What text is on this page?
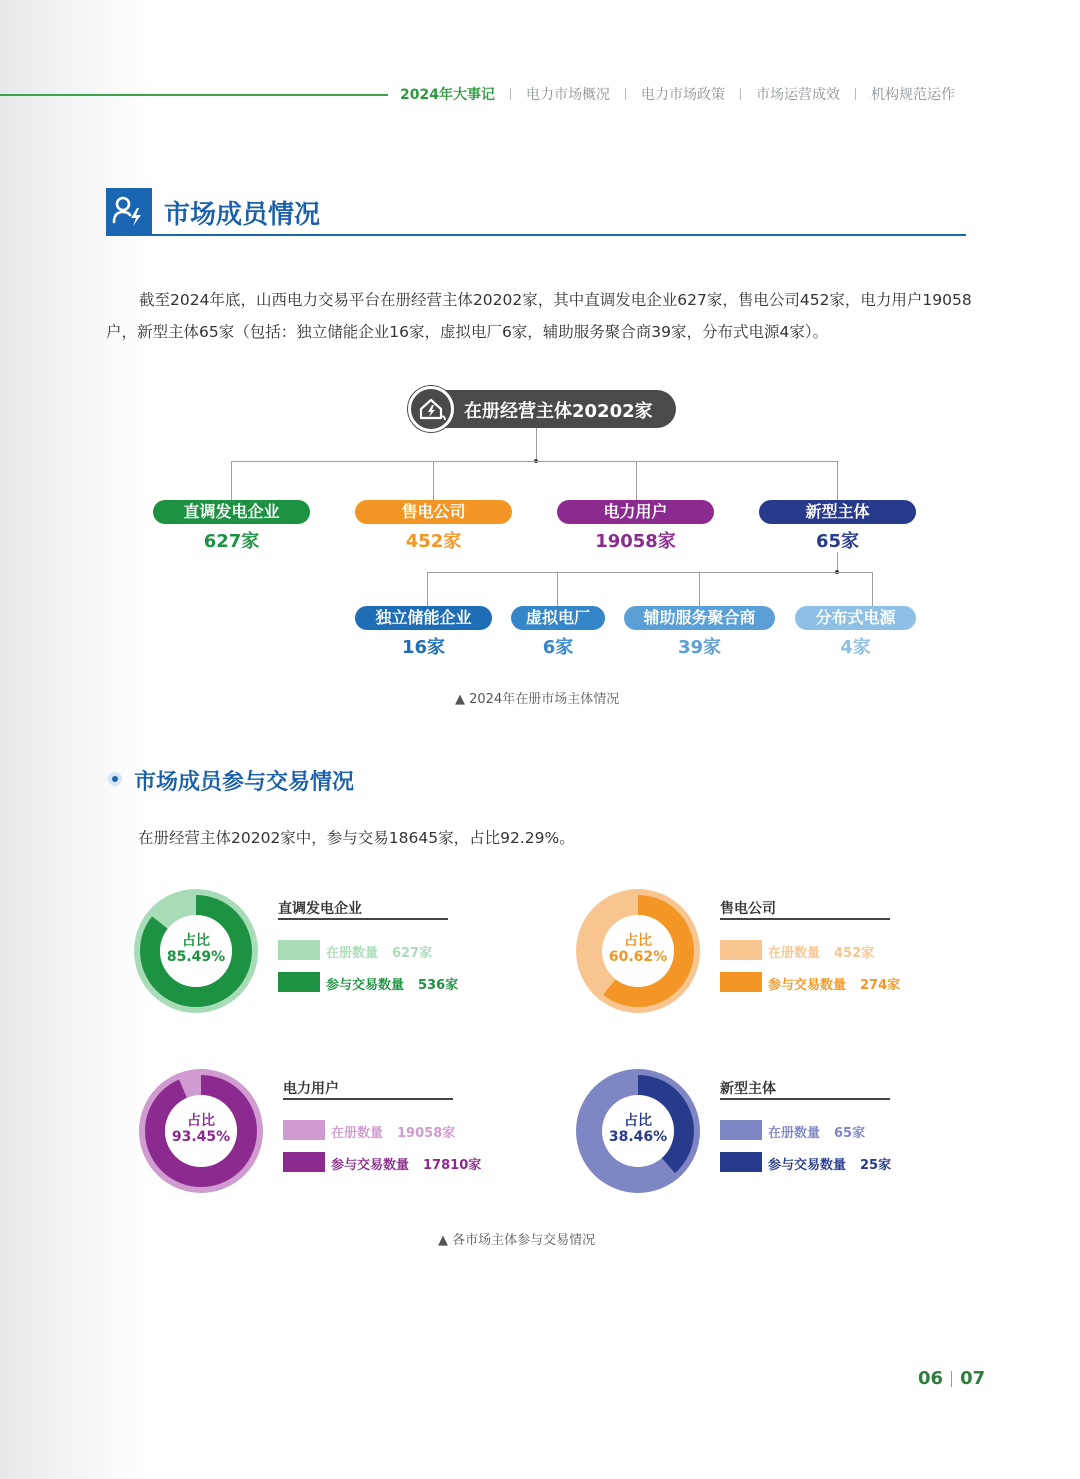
2024年大事记 电力市场概况 电力市场政策 市场运营成效 机构规范运作
市场成员情况

截至2024年底，山西电力交易平台在册经营主体20202家，其中直调发电企业627家，售电公司452家，电力用户19058户，新型主体65家（包括：独立储能企业16家，虚拟电厂6家，辅助服务聚合商39家，分布式电源4家）。

在册经营主体20202家
直调发电企业
627家
售电公司
452家
电力用户
19058家
新型主体
65家
独立储能企业
16家
虚拟电厂
6家
辅助服务聚合商
39家
分布式电源
4家
▲ 2024年在册市场主体情况
市场成员参与交易情况
在册经营主体20202家中，参与交易18645家，占比92.29%。
占比
85.49%
直调发电企业
在册数量 627家
参与交易数量 536家
占比
60.62%
售电公司
在册数量 452家
参与交易数量 274家
占比
93.45%
电力用户
在册数量 19058家
参与交易数量 17810家
占比
38.46%
新型主体
在册数量 65家
参与交易数量 25家
▲ 各市场主体参与交易情况
06 07
